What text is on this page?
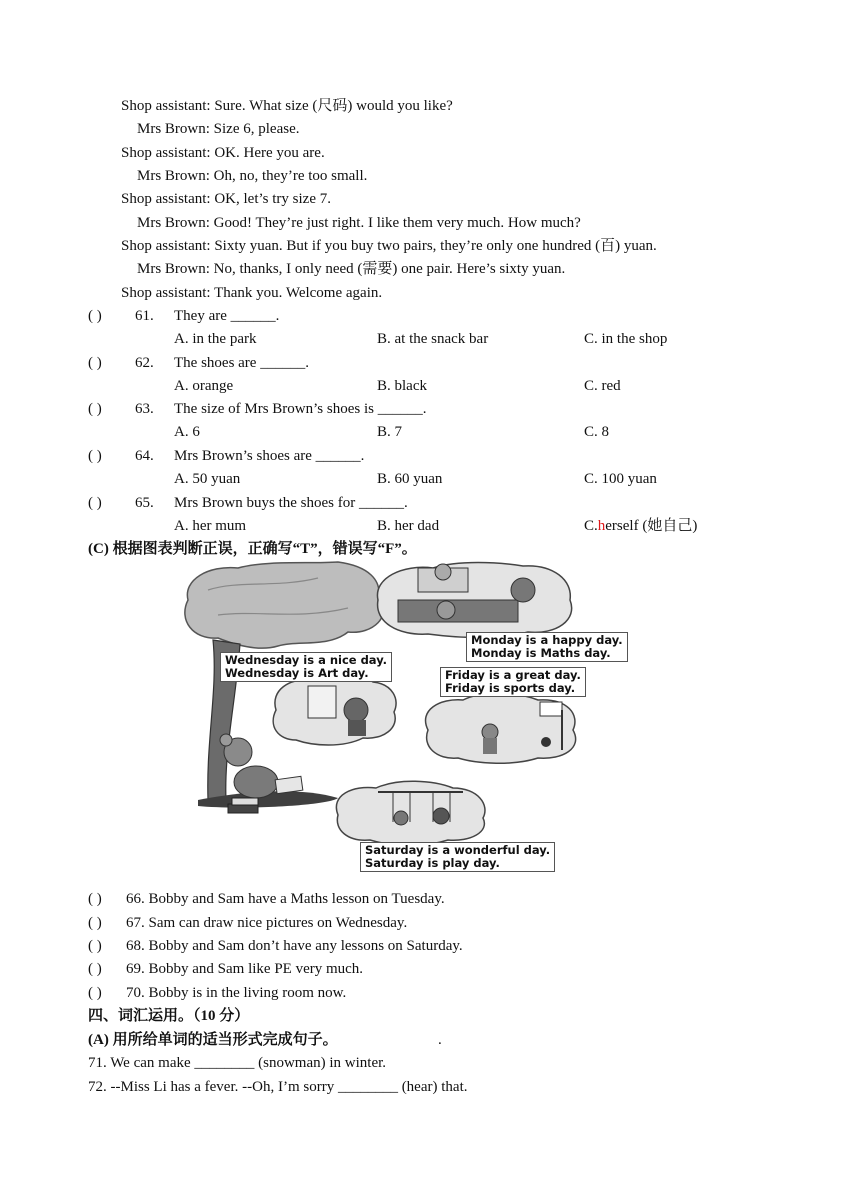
Shop assistant: Sure. What size (尺码) would you like?
Mrs Brown: Size 6, please.
Shop assistant: OK. Here you are.
Mrs Brown: Oh, no, they’re too small.
Shop assistant: OK, let’s try size 7.
Mrs Brown: Good! They’re just right. I like them very much. How much?
Shop assistant: Sixty yuan. But if you buy two pairs, they’re only one hundred (百) yuan.
Mrs Brown: No, thanks, I only need (需要) one pair. Here’s sixty yuan.
Shop assistant: Thank you. Welcome again.
( ) 61. They are ______.
A. in the park	B. at the snack bar	C. in the shop
( ) 62. The shoes are ______.
A. orange	B. black	C. red
( ) 63. The size of Mrs Brown’s shoes is ______.
A. 6	B. 7	C. 8
( ) 64. Mrs Brown’s shoes are ______.
A. 50 yuan	B. 60 yuan	C. 100 yuan
( ) 65. Mrs Brown buys the shoes for ______.
A. her mum	B. her dad	C.herself (她自己)
(C) 根据图表判断正误，正确写“T”，错误写“F”。
Monday is a happy day.
Monday is Maths day.
Wednesday is a nice day.
Wednesday is Art day.	Friday is a great day.
Friday is sports day.
Saturday is a wonderful day.
Saturday is play day.
( ) 66. Bobby and Sam have a Maths lesson on Tuesday.
( ) 67. Sam can draw nice pictures on Wednesday.
( ) 68. Bobby and Sam don’t have any lessons on Saturday.
( ) 69. Bobby and Sam like PE very much.
( ) 70. Bobby is in the living room now.
四、词汇运用。（10 分）
(A) 用所给单词的适当形式完成句子。	.
71. We can make ________ (snowman) in winter.
72. --Miss Li has a fever. --Oh, I’m sorry ________ (hear) that.
